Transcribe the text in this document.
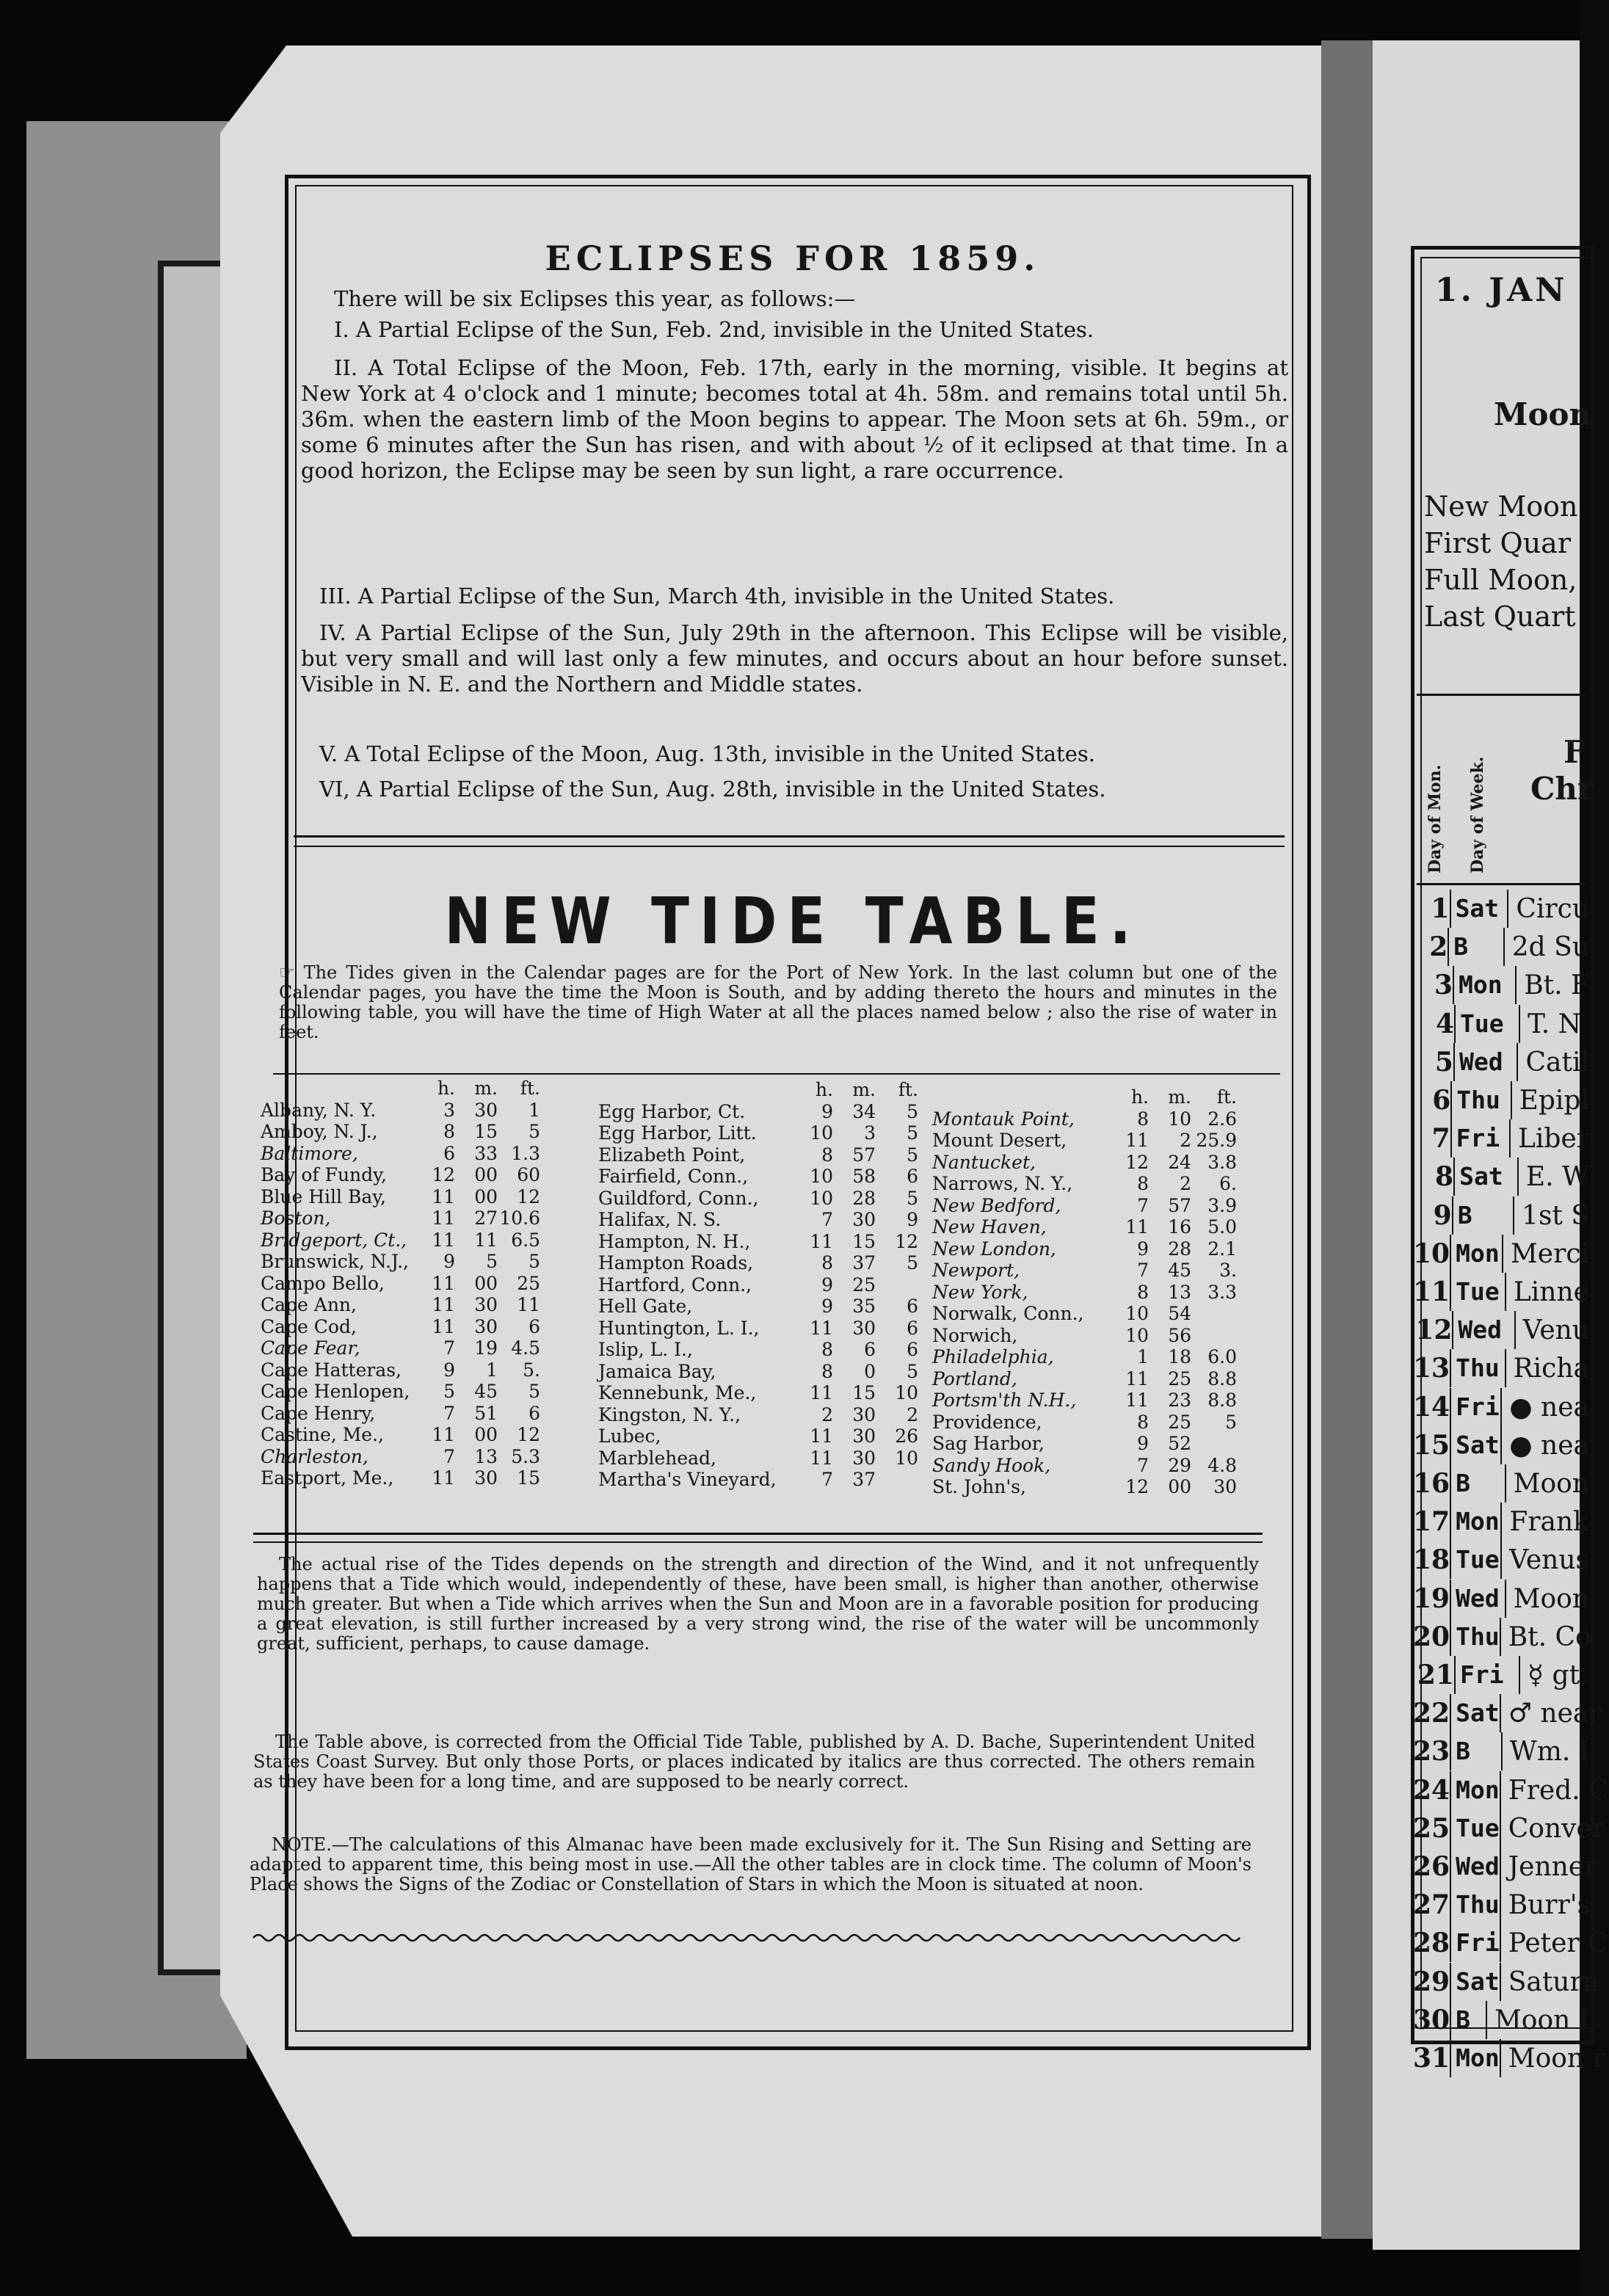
ECLIPSES FOR 1859.
There will be six Eclipses this year, as follows:—
I. A Partial Eclipse of the Sun, Feb. 2nd, invisible in the United States.
II. A Total Eclipse of the Moon, Feb. 17th, early in the morning, visible. It begins at New York at 4 o'clock and 1 minute; becomes total at 4h. 58m. and remains total until 5h. 36m. when the eastern limb of the Moon begins to appear. The Moon sets at 6h. 59m., or some 6 minutes after the Sun has risen, and with about ½ of it eclipsed at that time. In a good horizon, the Eclipse may be seen by sun light, a rare occurrence.
III. A Partial Eclipse of the Sun, March 4th, invisible in the United States.
IV. A Partial Eclipse of the Sun, July 29th in the afternoon. This Eclipse will be visible, but very small and will last only a few minutes, and occurs about an hour before sunset. Visible in N. E. and the Northern and Middle states.
V. A Total Eclipse of the Moon, Aug. 13th, invisible in the United States.
VI, A Partial Eclipse of the Sun, Aug. 28th, invisible in the United States.
NEW TIDE TABLE.
☞ The Tides given in the Calendar pages are for the Port of New York. In the last column but one of the Calendar pages, you have the time the Moon is South, and by adding thereto the hours and minutes in the following table, you will have the time of High Water at all the places named below ; also the rise of water in feet.
h.	m.	ft.
Albany, N. Y.	3	30	1
Amboy, N. J.,	8	15	5
Baltimore,	6	33 1.3
Bay of Fundy,	12	00	60
Blue Hill Bay,	11	00	12
Boston,	11	27 10.6
Bridgeport, Ct.,	11	11 6.5
Brunswick, N.J.,	9	5	5
Campo Bello,	11	00	25
Cape Ann,	11	30	11
Cape Cod,	11	30	6
Cape Fear,	7	19 4.5
Cape Hatteras,	9	1	5.
Cape Henlopen,	5	45	5
Cape Henry,	7	51	6
Castine, Me.,	11	00	12
Charleston,	7	13 5.3
Eastport, Me.,	11	30	15
h.	m.	ft.
Egg Harbor, Ct.	9	34	5
Egg Harbor, Litt.	10	3	5
Elizabeth Point,	8	57	5
Fairfield, Conn.,	10	58	6
Guildford, Conn.,	10	28	5
Halifax, N. S.	7	30	9
Hampton, N. H.,	11	15	12
Hampton Roads,	8	37	5
Hartford, Conn.,	9	25
Hell Gate,	9	35	6
Huntington, L. I.,	11	30	6
Islip, L. I.,	8	6	6
Jamaica Bay,	8	0	5
Kennebunk, Me.,	11	15	10
Kingston, N. Y.,	2	30	2
Lubec,	11	30	26
Marblehead,	11	30	10
Martha's Vineyard,	7	37
h.	m.	ft.
Montauk Point,	8	10 2.6
Mount Desert,	11	2 25.9
Nantucket,	12	24 3.8
Narrows, N. Y.,	8	2	6.
New Bedford,	7	57 3.9
New Haven,	11	16 5.0
New London,	9	28 2.1
Newport,	7	45	3.
New York,	8	13 3.3
Norwalk, Conn.,	10	54
Norwich,	10	56
Philadelphia,	1	18 6.0
Portland,	11	25 8.8
Portsm'th N.H.,	11	23 8.8
Providence,	8	25	5
Sag Harbor,	9	52
Sandy Hook,	7	29 4.8
St. John's,	12	00	30
The actual rise of the Tides depends on the strength and direction of the Wind, and it not unfrequently happens that a Tide which would, independently of these, have been small, is higher than another, otherwise much greater. But when a Tide which arrives when the Sun and Moon are in a favorable position for producing a great elevation, is still further increased by a very strong wind, the rise of the water will be uncommonly great, sufficient, perhaps, to cause damage.
The Table above, is corrected from the Official Tide Table, published by A. D. Bache, Superintendent United States Coast Survey. But only those Ports, or places indicated by italics are thus corrected. The others remain as they have been for a long time, and are supposed to be nearly correct.
NOTE.—The calculations of this Almanac have been made exclusively for it. The Sun Rising and Setting are adapted to apparent time, this being most in use.—All the other tables are in clock time. The column of Moon's Place shows the Signs of the Zodiac or Constellation of Stars in which the Moon is situated at noon.
1. JAN
Moon
New Moon
First Quar
Full Moon,
Last Quart
Day of Mon. Day of Week.
F
Chr
1 Sat Circu
2 B	2d Su
3 Mon Bt. F
4 Tue T. N
5 Wed Catil
6 Thu Epipl
7 Fri Liber
8 Sat E. W
9 B	1st S
10 Mon Merci
11 Tue Linne
12 Wed Venu
13 Thu Richa
14 Fri ● nea
15 Sat ● nea
16 B	Moon
17 Mon Frank
18 Tue Venus
19 Wed Moon
20 Thu Bt. Co
21 Fri ☿ gt.
22 Sat ♂ near
23 B	Wm. I
24 Mon Fred. C
25 Tue Conver
26 Wed Jenner
27 Thu Burr's
28 Fri Peter C
29 Sat Saturn
30 B Moon I
31 Mon Moon r
